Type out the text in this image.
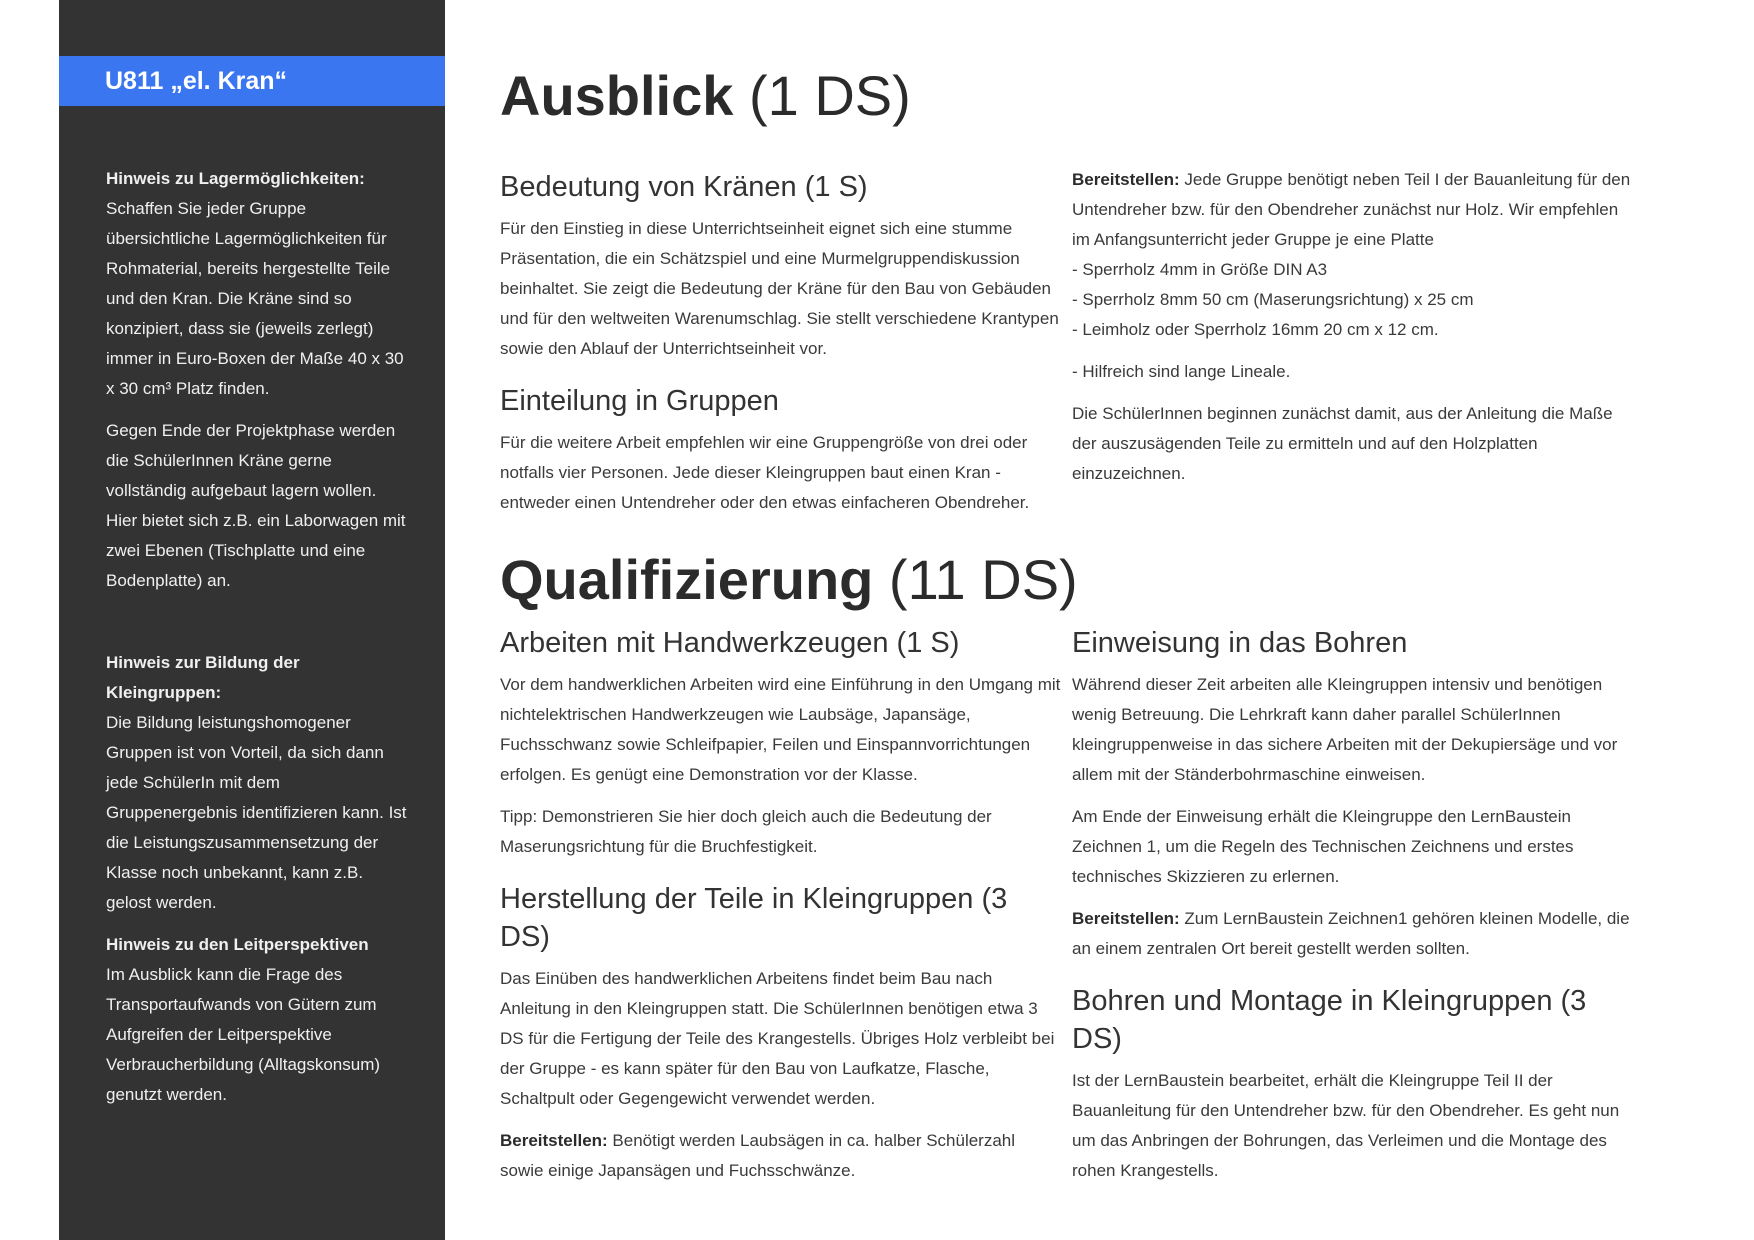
U811 „el. Kran“

Hinweis zu Lagermöglichkeiten:
Schaffen Sie jeder Gruppe übersichtliche Lagermöglichkeiten für Rohmaterial, bereits hergestellte Teile und den Kran. Die Kräne sind so konzipiert, dass sie (jeweils zerlegt) immer in Euro-Boxen der Maße 40 x 30 x 30 cm³ Platz finden.

Gegen Ende der Projektphase werden die SchülerInnen Kräne gerne vollständig aufgebaut lagern wollen. Hier bietet sich z.B. ein Laborwagen mit zwei Ebenen (Tischplatte und eine Bodenplatte) an.

Hinweis zur Bildung der Kleingruppen:
Die Bildung leistungshomogener Gruppen ist von Vorteil, da sich dann jede SchülerIn mit dem Gruppenergebnis identifizieren kann. Ist die Leistungszusammensetzung der Klasse noch unbekannt, kann z.B. gelost werden.

Hinweis zu den Leitperspektiven
Im Ausblick kann die Frage des Transportaufwands von Gütern zum Aufgreifen der Leitperspektive Verbraucherbildung (Alltagskonsum) genutzt werden.

Ausblick (1 DS)
Bedeutung von Kränen (1 S)

Für den Einstieg in diese Unterrichtseinheit eignet sich eine stumme Präsentation, die ein Schätzspiel und eine Murmelgruppendiskussion beinhaltet. Sie zeigt die Bedeutung der Kräne für den Bau von Gebäuden und für den weltweiten Warenumschlag. Sie stellt verschiedene Krantypen sowie den Ablauf der Unterrichtseinheit vor.

Einteilung in Gruppen

Für die weitere Arbeit empfehlen wir eine Gruppengröße von drei oder notfalls vier Personen. Jede dieser Kleingruppen baut einen Kran - entweder einen Untendreher oder den etwas einfacheren Obendreher.

Bereitstellen: Jede Gruppe benötigt neben Teil I der Bauanleitung für den Untendreher bzw. für den Obendreher zunächst nur Holz. Wir empfehlen im Anfangsunterricht jeder Gruppe je eine Platte

- Sperrholz 4mm in Größe DIN A3

- Sperrholz 8mm 50 cm (Maserungsrichtung) x 25 cm

- Leimholz oder Sperrholz 16mm 20 cm x 12 cm.

- Hilfreich sind lange Lineale.

Die SchülerInnen beginnen zunächst damit, aus der Anleitung die Maße der auszusägenden Teile zu ermitteln und auf den Holzplatten einzuzeichnen.

Qualifizierung (11 DS)
Arbeiten mit Handwerkzeugen (1 S)

Vor dem handwerklichen Arbeiten wird eine Einführung in den Umgang mit nichtelektrischen Handwerkzeugen wie Laubsäge, Japansäge, Fuchsschwanz sowie Schleifpapier, Feilen und Einspannvorrichtungen erfolgen. Es genügt eine Demonstration vor der Klasse.

Tipp: Demonstrieren Sie hier doch gleich auch die Bedeutung der Maserungsrichtung für die Bruchfestigkeit.

Herstellung der Teile in Kleingruppen (3 DS)

Das Einüben des handwerklichen Arbeitens findet beim Bau nach Anleitung in den Kleingruppen statt. Die SchülerInnen benötigen etwa 3 DS für die Fertigung der Teile des Krangestells. Übriges Holz verbleibt bei der Gruppe - es kann später für den Bau von Laufkatze, Flasche, Schaltpult oder Gegengewicht verwendet werden.

Bereitstellen: Benötigt werden Laubsägen in ca. halber Schülerzahl sowie einige Japansägen und Fuchsschwänze.

Einweisung in das Bohren

Während dieser Zeit arbeiten alle Kleingruppen intensiv und benötigen wenig Betreuung. Die Lehrkraft kann daher parallel SchülerInnen kleingruppenweise in das sichere Arbeiten mit der Dekupiersäge und vor allem mit der Ständerbohrmaschine einweisen.

Am Ende der Einweisung erhält die Kleingruppe den LernBaustein Zeichnen 1, um die Regeln des Technischen Zeichnens und erstes technisches Skizzieren zu erlernen.

Bereitstellen: Zum LernBaustein Zeichnen1 gehören kleinen Modelle, die an einem zentralen Ort bereit gestellt werden sollten.

Bohren und Montage in Kleingruppen (3 DS)

Ist der LernBaustein bearbeitet, erhält die Kleingruppe Teil II der Bauanleitung für den Untendreher bzw. für den Obendreher. Es geht nun um das Anbringen der Bohrungen, das Verleimen und die Montage des rohen Krangestells.
